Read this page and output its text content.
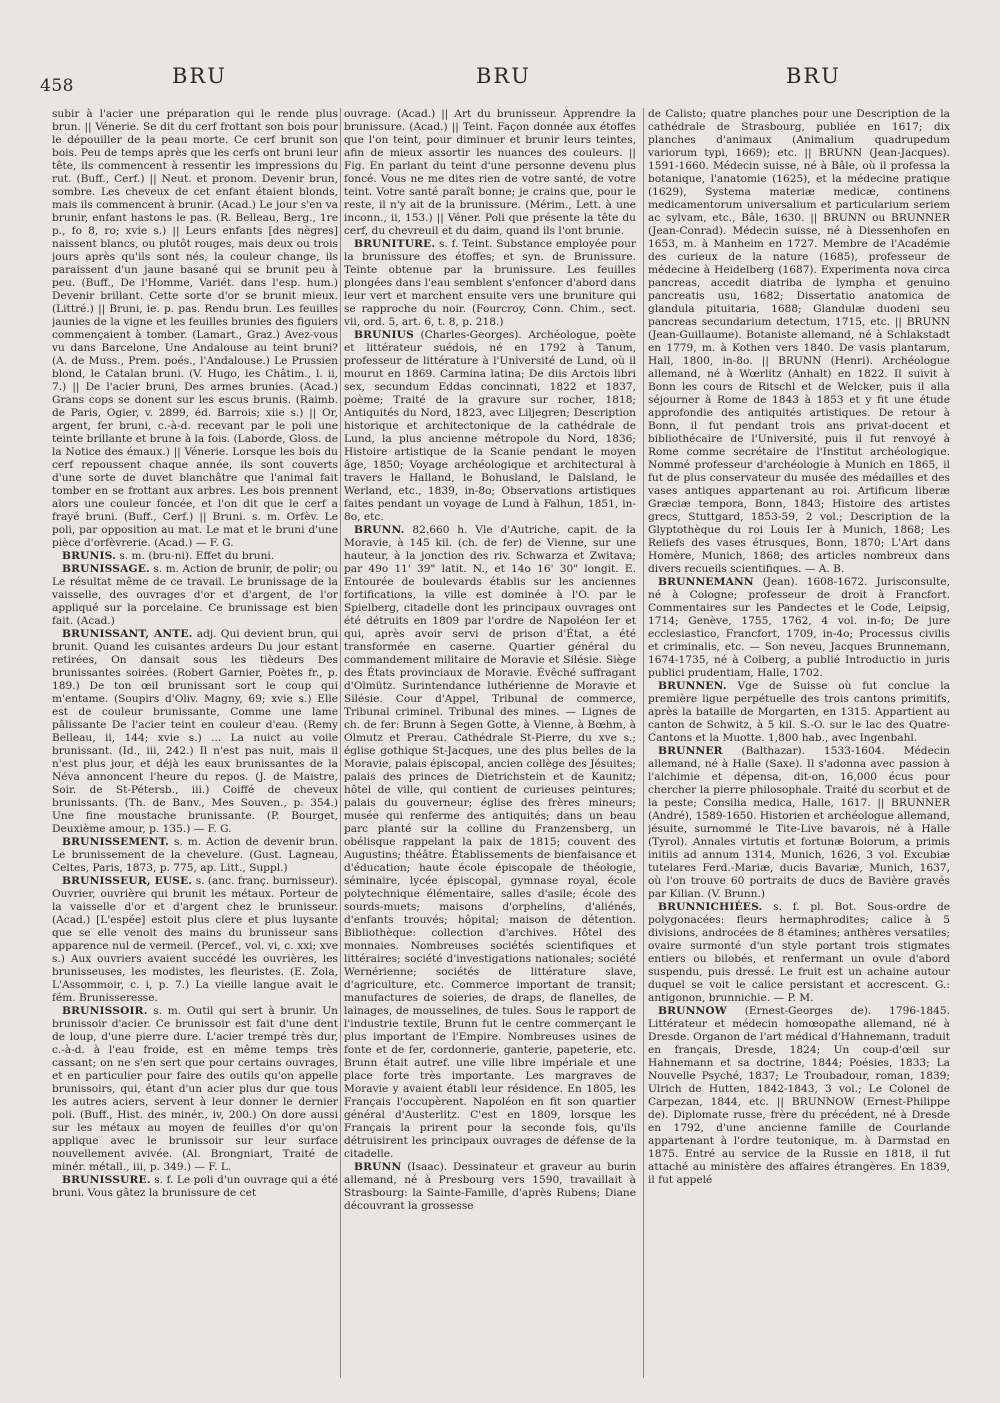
458	BRU	BRU	BRU

subir à l'acier une préparation qui le rende plus brun. || Vénerie. Se dit du cerf frottant son bois pour le dépouiller de la peau morte. Ce cerf brunit son bois. Peu de temps après que les cerfs ont bruni leur tête, ils commencent à ressentir les impressions du rut. (Buff., Cerf.) || Neut. et pronom. Devenir brun, sombre. Les cheveux de cet enfant étaient blonds, mais ils commencent à brunir. (Acad.) Le jour s'en va brunir, enfant hastons le pas. (R. Belleau, Berg., 1re p., fo 8, ro; xvie s.) || Leurs enfants [des nègres] naissent blancs, ou plutôt rouges, mais deux ou trois jours après qu'ils sont nés, la couleur change, ils paraissent d'un jaune basané qui se brunit peu à peu. (Buff., De l'Homme, Variét. dans l'esp. hum.) Devenir brillant. Cette sorte d'or se brunit mieux. (Littré.) || Bruni, ie. p. pas. Rendu brun. Les feuilles jaunies de la vigne et les feuilles brunies des figuiers commençaient à tomber. (Lamart., Graz.) Avez-vous vu dans Barcelone, Une Andalouse au teint bruni? (A. de Muss., Prem. poés., l'Andalouse.) Le Prussien blond, le Catalan bruni. (V. Hugo, les Châtim., l. ii, 7.) || De l'acier bruni, Des armes brunies. (Acad.) Grans cops se donent sur les escus brunis. (Raimb. de Paris, Ogier, v. 2899, éd. Barrois; xiie s.) || Or, argent, fer bruni, c.-à-d. recevant par le poli une teinte brillante et brune à la fois. (Laborde, Gloss. de la Notice des émaux.) || Vénerie. Lorsque les bois du cerf repoussent chaque année, ils sont couverts d'une sorte de duvet blanchâtre que l'animal fait tomber en se frottant aux arbres. Les bois prennent alors une couleur foncée, et l'on dit que le cerf a frayé bruni. (Buff., Cerf.) || Bruni. s. m. Orfèv. Le poli, par opposition au mat. Le mat et le bruni d'une pièce d'orfèvrerie. (Acad.) — F. G.

BRUNIS. s. m. (bru-ni). Effet du bruni.

BRUNISSAGE. s. m. Action de brunir, de polir; ou Le résultat même de ce travail. Le brunissage de la vaisselle, des ouvrages d'or et d'argent, de l'or appliqué sur la porcelaine. Ce brunissage est bien fait. (Acad.)

BRUNISSANT, ANTE. adj. Qui devient brun, qui brunit. Quand les cuisantes ardeurs Du jour estant retirées, On dansait sous les tièdeurs Des brunissantes soirées. (Robert Garnier, Poètes fr., p. 189.) De ton œil brunissant sort le coup qui m'entame. (Soupirs d'Oliv. Magny, 69; xvie s.) Elle est de couleur brunissante, Comme une lame pâlissante De l'acier teint en couleur d'eau. (Remy Belleau, ii, 144; xvie s.) ... La nuict au voile brunissant. (Id., iii, 242.) Il n'est pas nuit, mais il n'est plus jour, et déjà les eaux brunissantes de la Néva annoncent l'heure du repos. (J. de Maistre, Soir. de St-Pétersb., iii.) Coiffé de cheveux brunissants. (Th. de Banv., Mes Souven., p. 354.) Une fine moustache brunissante. (P. Bourget, Deuxième amour, p. 135.) — F. G.

BRUNISSEMENT. s. m. Action de devenir brun. Le brunissement de la chevelure. (Gust. Lagneau, Celtes, Paris, 1873, p. 775, ap. Litt., Suppl.)

BRUNISSEUR, EUSE. s. (anc. franç. burnisseur). Ouvrier, ouvrière qui brunit les métaux. Porteur de la vaisselle d'or et d'argent chez le brunisseur. (Acad.) [L'espée] estoit plus clere et plus luysante que se elle venoit des mains du brunisseur sans apparence nul de vermeil. (Percef., vol. vi, c. xxi; xve s.) Aux ouvriers avaient succédé les ouvrières, les brunisseuses, les modistes, les fleuristes. (E. Zola, L'Assommoir, c. i, p. 7.) La vieille langue avait le fém. Brunisseresse.

BRUNISSOIR. s. m. Outil qui sert à brunir. Un brunissoir d'acier. Ce brunissoir est fait d'une dent de loup, d'une pierre dure. L'acier trempé très dur, c.-à-d. à l'eau froide, est en même temps très cassant; on ne s'en sert que pour certains ouvrages, et en particulier pour faire des outils qu'on appelle brunissoirs, qui, étant d'un acier plus dur que tous les autres aciers, servent à leur donner le dernier poli. (Buff., Hist. des minér., iv, 200.) On dore aussi sur les métaux au moyen de feuilles d'or qu'on applique avec le brunissoir sur leur surface nouvellement avivée. (Al. Brongniart, Traité de minér. métall., iii, p. 349.) — F. L.

BRUNISSURE. s. f. Le poli d'un ouvrage qui a été bruni. Vous gâtez la brunissure de cet

ouvrage. (Acad.) || Art du brunisseur. Apprendre la brunissure. (Acad.) || Teint. Façon donnée aux étoffes que l'on teint, pour diminuer et brunir leurs teintes, afin de mieux assortir les nuances des couleurs. || Fig. En parlant du teint d'une personne devenu plus foncé. Vous ne me dites rien de votre santé, de votre teint. Votre santé paraît bonne; je crains que, pour le reste, il n'y ait de la brunissure. (Mérim., Lett. à une inconn., ii, 153.) || Véner. Poli que présente la tête du cerf, du chevreuil et du daim, quand ils l'ont brunie.

BRUNITURE. s. f. Teint. Substance employée pour la brunissure des étoffes; et syn. de Brunissure. Teinte obtenue par la brunissure. Les feuilles plongées dans l'eau semblent s'enfoncer d'abord dans leur vert et marchent ensuite vers une bruniture qui se rapproche du noir. (Fourcroy, Conn. Chim., sect. vii, ord. 5, art. 6, t. 8, p. 218.)

BRUNIUS (Charles-Georges). Archéologue, poète et littérateur suédois, né en 1792 à Tanum, professeur de littérature à l'Université de Lund, où il mourut en 1869. Carmina latina; De diis Arctois libri sex, secundum Eddas concinnati, 1822 et 1837, poème; Traité de la gravure sur rocher, 1818; Antiquités du Nord, 1823, avec Liljegren; Description historique et architectonique de la cathédrale de Lund, la plus ancienne métropole du Nord, 1836; Histoire artistique de la Scanie pendant le moyen âge, 1850; Voyage archéologique et architectural à travers le Halland, le Bohusland, le Dalsland, le Werland, etc., 1839, in-8o; Observations artistiques faites pendant un voyage de Lund à Falhun, 1851, in-8o, etc.

BRUNN. 82.660 h. Vle d'Autriche, capit. de la Moravie, à 145 kil. (ch. de fer) de Vienne, sur une hauteur, à la jonction des riv. Schwarza et Zwitava; par 49o 11' 39" latit. N., et 14o 16' 30" longit. E. Entourée de boulevards établis sur les anciennes fortifications, la ville est dominée à l'O. par le Spielberg, citadelle dont les principaux ouvrages ont été détruits en 1809 par l'ordre de Napoléon Ier et qui, après avoir servi de prison d'État, a été transformée en caserne. Quartier général du commandement militaire de Moravie et Silésie. Siège des États provinciaux de Moravie. Évêché suffragant d'Olmütz. Surintendance luthérienne de Moravie et Silésie. Cour d'Appel, Tribunal de commerce, Tribunal criminel. Tribunal des mines. — Lignes de ch. de fer: Brunn à Segen Gotte, à Vienne, à Bœhm, à Olmutz et Prerau. Cathédrale St-Pierre, du xve s.; église gothique St-Jacques, une des plus belles de la Moravie, palais épiscopal, ancien collège des Jésuites; palais des princes de Dietrichstein et de Kaunitz; hôtel de ville, qui contient de curieuses peintures; palais du gouverneur; église des frères mineurs; musée qui renferme des antiquités; dans un beau parc planté sur la colline du Franzensberg, un obélisque rappelant la paix de 1815; couvent des Augustins; théâtre. Établissements de bienfaisance et d'éducation; haute école épiscopale de théologie, séminaire, lycée épiscopal, gymnase royal, école polytechnique élémentaire, salles d'asile; école des sourds-muets; maisons d'orphelins, d'aliénés, d'enfants trouvés; hôpital; maison de détention. Bibliothèque: collection d'archives. Hôtel des monnaies. Nombreuses sociétés scientifiques et littéraires; société d'investigations nationales; société Wernérienne; sociétés de littérature slave, d'agriculture, etc. Commerce important de transit; manufactures de soieries, de draps, de flanelles, de lainages, de mousselines, de tules. Sous le rapport de l'industrie textile, Brunn fut le centre commerçant le plus important de l'Empire. Nombreuses usines de fonte et de fer, cordonnerie, ganterie, papeterie, etc. Brunn était autref. une ville libre impériale et une place forte très importante. Les margraves de Moravie y avaient établi leur résidence. En 1805, les Français l'occupèrent. Napoléon en fit son quartier général d'Austerlitz. C'est en 1809, lorsque les Français la prirent pour la seconde fois, qu'ils détruisirent les principaux ouvrages de défense de la citadelle.

BRUNN (Isaac). Dessinateur et graveur au burin allemand, né à Presbourg vers 1590, travaillait à Strasbourg: la Sainte-Famille, d'après Rubens; Diane découvrant la grossesse

de Calisto; quatre planches pour une Description de la cathédrale de Strasbourg, publiée en 1617; dix planches d'animaux (Animalium quadrupedum variorum typi, 1669); etc. || BRUNN (Jean-Jacques). 1591-1660. Médecin suisse, né à Bâle, où il professa la botanique, l'anatomie (1625), et la médecine pratique (1629), Systema materiæ medicæ, continens medicamentorum universalium et particularium seriem ac sylvam, etc., Bâle, 1630. || BRUNN ou BRUNNER (Jean-Conrad). Médecin suisse, né à Diessenhofen en 1653, m. à Manheim en 1727. Membre de l'Académie des curieux de la nature (1685), professeur de médecine à Heidelberg (1687). Experimenta nova circa pancreas, accedit diatriba de lympha et genuino pancreatis usu, 1682; Dissertatio anatomica de glandula pituitaria, 1688; Glandulæ duodeni seu pancreas secundarium detectum, 1715, etc. || BRUNN (Jean-Guillaume). Botaniste allemand, né à Schlakstadt en 1779, m. à Kothen vers 1840. De vasis plantarum, Hall, 1800, in-8o. || BRUNN (Henri). Archéologue allemand, né à Wœrlitz (Anhalt) en 1822. Il suivit à Bonn les cours de Ritschl et de Welcker, puis il alla séjourner à Rome de 1843 à 1853 et y fit une étude approfondie des antiquités artistiques. De retour à Bonn, il fut pendant trois ans privat-docent et bibliothécaire de l'Université, puis il fut renvoyé à Rome comme secrétaire de l'Institut archéologique. Nommé professeur d'archéologie à Munich en 1865, il fut de plus conservateur du musée des médailles et des vases antiques appartenant au roi. Artificum liberæ Græciæ tempora, Bonn, 1843; Histoire des artistes grecs, Stuttgard, 1853-59, 2 vol.; Description de la Glyptothèque du roi Louis Ier à Munich, 1868; Les Reliefs des vases étrusques, Bonn, 1870; L'Art dans Homère, Munich, 1868; des articles nombreux dans divers recueils scientifiques. — A. B.

BRUNNEMANN (Jean). 1608-1672. Jurisconsulte, né à Cologne; professeur de droit à Francfort. Commentaires sur les Pandectes et le Code, Leipsig, 1714; Genève, 1755, 1762, 4 vol. in-fo; De jure ecclesiastico, Francfort, 1709, in-4o; Processus civilis et criminalis, etc. — Son neveu, Jacques Brunnemann, 1674-1735, né à Colberg, a publié Introductio in juris publici prudentiam, Halle, 1702.

BRUNNEN. Vge de Suisse où fut conclue la première ligue perpétuelle des trois cantons primitifs, après la bataille de Morgarten, en 1315. Appartient au canton de Schwitz, à 5 kil. S.-O. sur le lac des Quatre-Cantons et la Muotte. 1,800 hab., avec Ingenbahl.

BRUNNER (Balthazar). 1533-1604. Médecin allemand, né à Halle (Saxe). Il s'adonna avec passion à l'alchimie et dépensa, dit-on, 16,000 écus pour chercher la pierre philosophale. Traité du scorbut et de la peste; Consilia medica, Halle, 1617. || BRUNNER (André), 1589-1650. Historien et archéologue allemand, jésuite, surnommé le Tite-Live bavarois, né à Halle (Tyrol). Annales virtutis et fortunæ Boiorum, a primis initiis ad annum 1314, Munich, 1626, 3 vol. Excubiæ tutelares Ferd.-Mariæ, ducis Bavariæ, Munich, 1637, où l'on trouve 60 portraits de ducs de Bavière gravés par Kilian. (V. Brunn.)

BRUNNICHIÉES. s. f. pl. Bot. Sous-ordre de polygonacées: fleurs hermaphrodites; calice à 5 divisions, androcées de 8 étamines; anthères versatiles; ovaire surmonté d'un style portant trois stigmates entiers ou bilobés, et renfermant un ovule d'abord suspendu, puis dressé. Le fruit est un achaine autour duquel se voit le calice persistant et accrescent. G.: antigonon, brunnichie. — P. M.

BRUNNOW (Ernest-Georges de). 1796-1845. Littérateur et médecin homœopathe allemand, né à Dresde. Organon de l'art médical d'Hahnemann, traduit en français, Dresde, 1824; Un coup-d'œil sur Hahnemann et sa doctrine, 1844; Poésies, 1833; La Nouvelle Psyché, 1837; Le Troubadour, roman, 1839; Ulrich de Hutten, 1842-1843, 3 vol.; Le Colonel de Carpezan, 1844, etc. || BRUNNOW (Ernest-Philippe de). Diplomate russe, frère du précédent, né à Dresde en 1792, d'une ancienne famille de Courlande appartenant à l'ordre teutonique, m. à Darmstad en 1875. Entré au service de la Russie en 1818, il fut attaché au ministère des affaires étrangères. En 1839, il fut appelé
